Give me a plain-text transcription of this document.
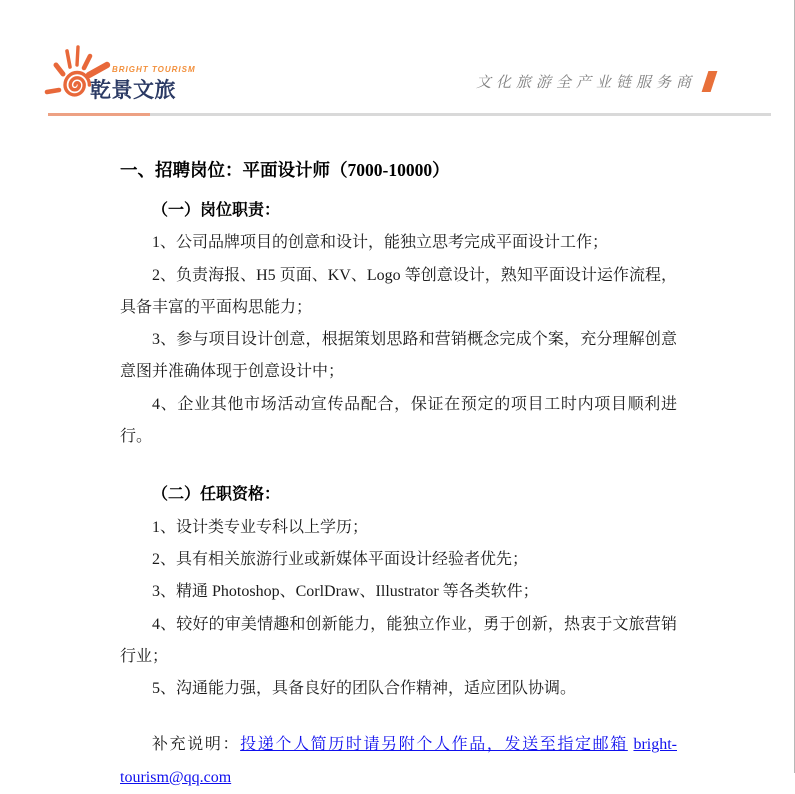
BRIGHT TOURISM
乾景文旅	文化旅游全产业链服务商
一、招聘岗位：平面设计师（7000-10000）
（一）岗位职责：

1、公司品牌项目的创意和设计，能独立思考完成平面设计工作；

2、负责海报、H5 页面、KV、Logo 等创意设计，熟知平面设计运作流程，具备丰富的平面构思能力；

3、参与项目设计创意，根据策划思路和营销概念完成个案，充分理解创意意图并准确体现于创意设计中；

4、企业其他市场活动宣传品配合，保证在预定的项目工时内项目顺利进行。

（二）任职资格：

1、设计类专业专科以上学历；

2、具有相关旅游行业或新媒体平面设计经验者优先；

3、精通 Photoshop、CorlDraw、Illustrator 等各类软件；

4、较好的审美情趣和创新能力，能独立作业，勇于创新，热衷于文旅营销行业；

5、沟通能力强，具备良好的团队合作精神，适应团队协调。

补充说明：投递个人简历时请另附个人作品，发送至指定邮箱 bright-tourism@qq.com
